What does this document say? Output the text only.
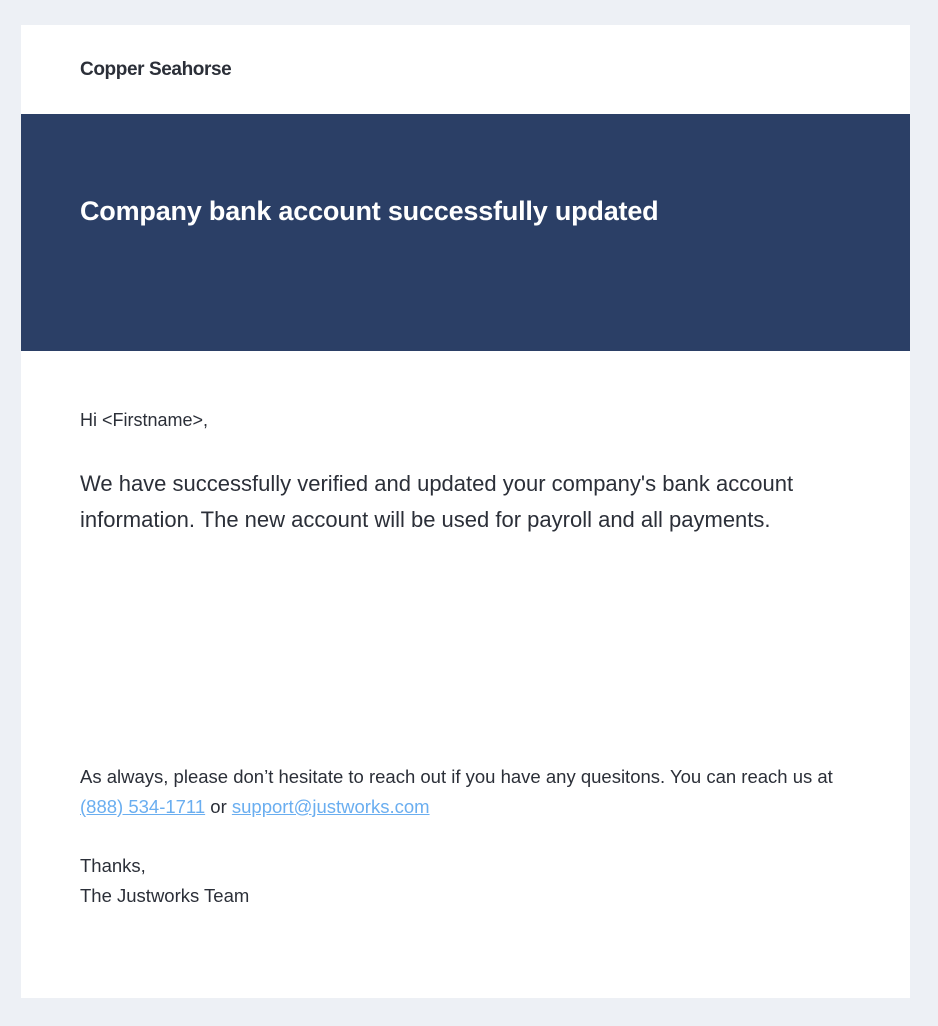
Copper Seahorse
Company bank account successfully updated

Hi <Firstname>,

We have successfully verified and updated your company's bank account information. The new account will be used for payroll and all payments.

As always, please don’t hesitate to reach out if you have any quesitons. You can reach us at (888) 534-1711 or support@justworks.com

Thanks,
The Justworks Team
